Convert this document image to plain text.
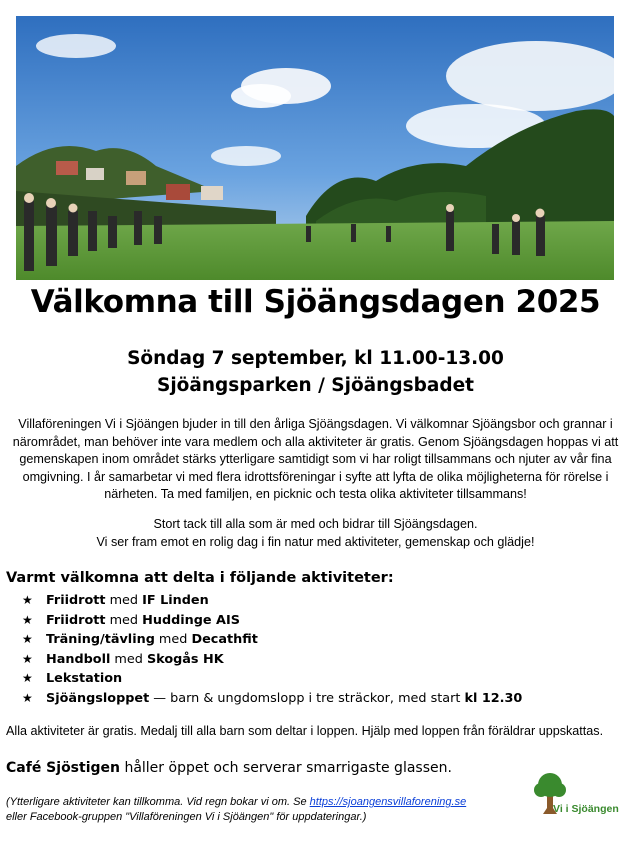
Välkomna till Sjöängsdagen 2025
Söndag 7 september, kl 11.00-13.00
Sjöängsparken / Sjöängsbadet
Villaföreningen Vi i Sjöängen bjuder in till den årliga Sjöängsdagen. Vi välkomnar Sjöängsbor och grannar i närområdet, man behöver inte vara medlem och alla aktiviteter är gratis. Genom Sjöängsdagen hoppas vi att gemenskapen inom området stärks ytterligare samtidigt som vi har roligt tillsammans och njuter av vår fina omgivning. I år samarbetar vi med flera idrottsföreningar i syfte att lyfta de olika möjligheterna för rörelse i närheten. Ta med familjen, en picknic och testa olika aktiviteter tillsammans!
Stort tack till alla som är med och bidrar till Sjöängsdagen.
Vi ser fram emot en rolig dag i fin natur med aktiviteter, gemenskap och glädje!
Varmt välkomna att delta i följande aktiviteter:
★ Friidrott med IF Linden
★ Friidrott med Huddinge AIS
★ Träning/tävling med Decathfit
★ Handboll med Skogås HK
★ Lekstation
★ Sjöängsloppet — barn & ungdomslopp i tre sträckor, med start kl 12.30
Alla aktiviteter är gratis. Medalj till alla barn som deltar i loppen. Hjälp med loppen från föräldrar uppskattas.
Café Sjöstigen håller öppet och serverar smarrigaste glassen.
(Ytterligare aktiviteter kan tillkomma. Vid regn bokar vi om. Se https://sjoangensvillaforening.se
eller Facebook-gruppen "Villaföreningen Vi i Sjöängen" för uppdateringar.)
Vi i Sjöängen
